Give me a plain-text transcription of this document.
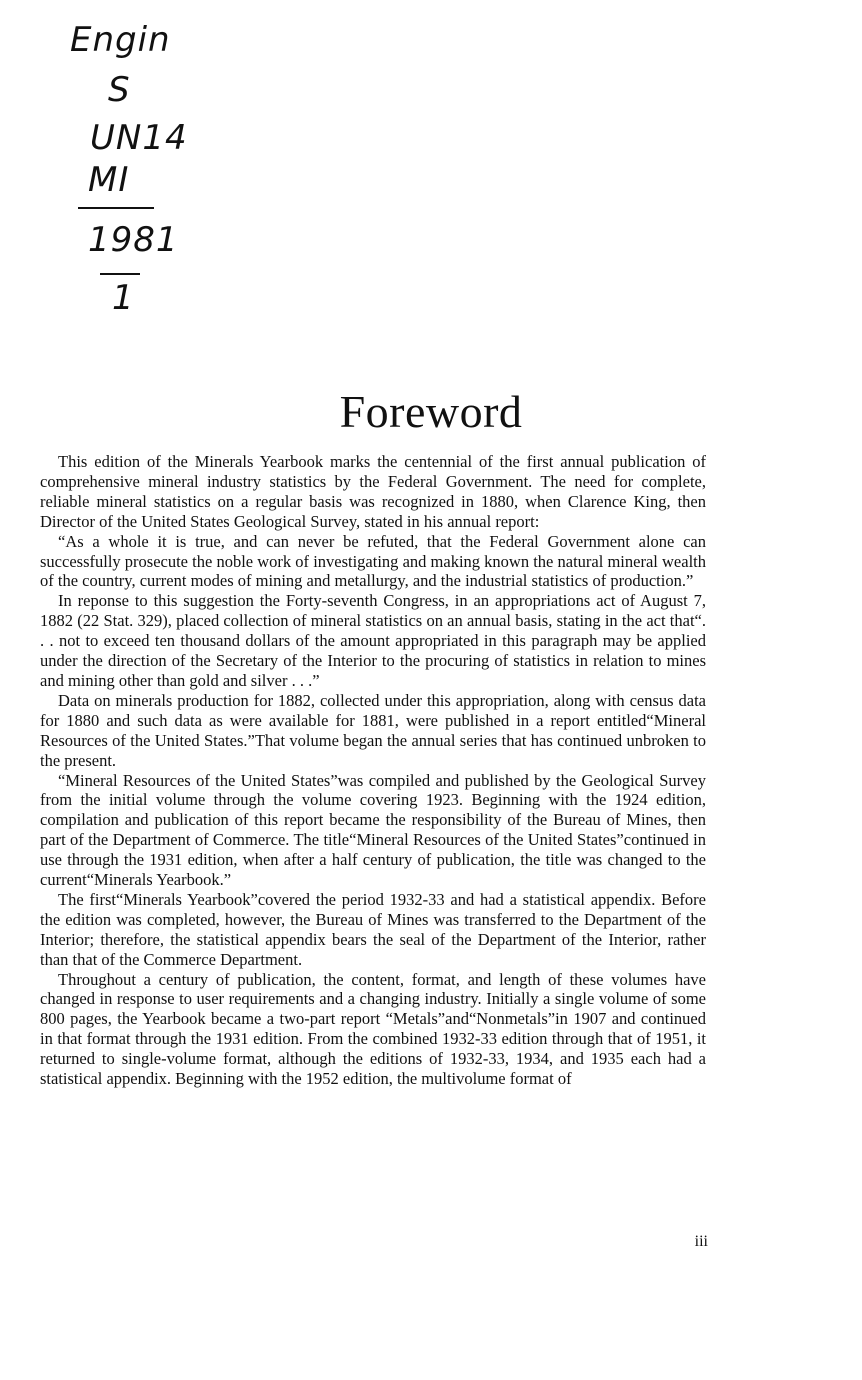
Engin
S
UN14
MI
1981
1
Foreword

This edition of the Minerals Yearbook marks the centennial of the first annual publication of comprehensive mineral industry statistics by the Federal Government. The need for complete, reliable mineral statistics on a regular basis was recognized in 1880, when Clarence King, then Director of the United States Geological Survey, stated in his annual report:

“As a whole it is true, and can never be refuted, that the Federal Government alone can successfully prosecute the noble work of investigating and making known the natural mineral wealth of the country, current modes of mining and metallurgy, and the industrial statistics of production.”

In reponse to this suggestion the Forty-seventh Congress, in an appropriations act of August 7, 1882 (22 Stat. 329), placed collection of mineral statistics on an annual basis, stating in the act that“. . . not to exceed ten thousand dollars of the amount appropriated in this paragraph may be applied under the direction of the Secretary of the Interior to the procuring of statistics in relation to mines and mining other than gold and silver . . .”

Data on minerals production for 1882, collected under this appropriation, along with census data for 1880 and such data as were available for 1881, were published in a report entitled“Mineral Resources of the United States.”That volume began the annual series that has continued unbroken to the present.

“Mineral Resources of the United States”was compiled and published by the Geological Survey from the initial volume through the volume covering 1923. Beginning with the 1924 edition, compilation and publication of this report became the responsibility of the Bureau of Mines, then part of the Department of Commerce. The title“Mineral Resources of the United States”continued in use through the 1931 edition, when after a half century of publication, the title was changed to the current“Minerals Yearbook.”

The first“Minerals Yearbook”covered the period 1932-33 and had a statistical appendix. Before the edition was completed, however, the Bureau of Mines was transferred to the Department of the Interior; therefore, the statistical appendix bears the seal of the Department of the Interior, rather than that of the Commerce Department.

Throughout a century of publication, the content, format, and length of these volumes have changed in response to user requirements and a changing industry. Initially a single volume of some 800 pages, the Yearbook became a two-part report “Metals”and“Nonmetals”in 1907 and continued in that format through the 1931 edition. From the combined 1932-33 edition through that of 1951, it returned to single-volume format, although the editions of 1932-33, 1934, and 1935 each had a statistical appendix. Beginning with the 1952 edition, the multivolume format of

iii
